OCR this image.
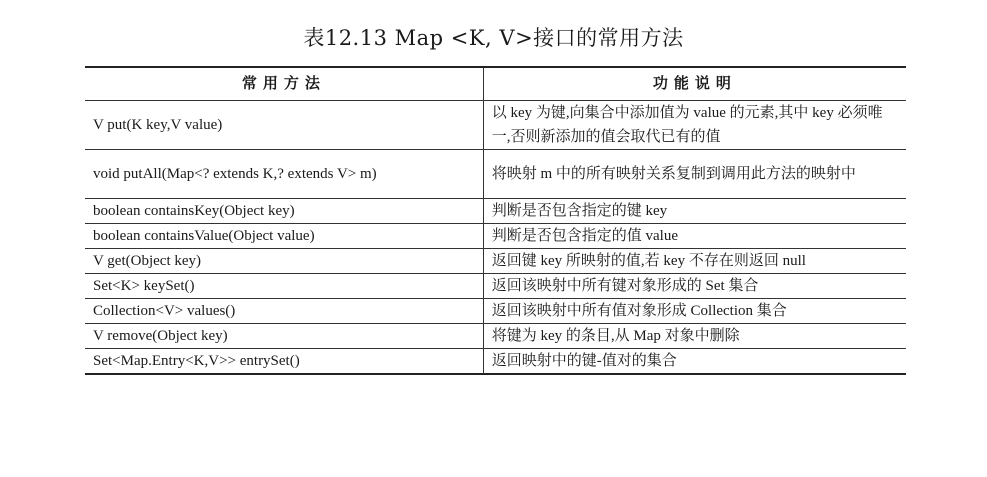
表12.13 Map <K, V>接口的常用方法
常用方法	功能说明
V put(K key,V value)	以 key 为键,向集合中添加值为 value 的元素,其中 key 必须唯一,否则新添加的值会取代已有的值
void putAll(Map<? extends K,? extends V> m)	将映射 m 中的所有映射关系复制到调用此方法的映射中
boolean containsKey(Object key)	判断是否包含指定的键 key
boolean containsValue(Object value)	判断是否包含指定的值 value
V get(Object key)	返回键 key 所映射的值,若 key 不存在则返回 null
Set<K> keySet()	返回该映射中所有键对象形成的 Set 集合
Collection<V> values()	返回该映射中所有值对象形成 Collection 集合
V remove(Object key)	将键为 key 的条目,从 Map 对象中删除
Set<Map.Entry<K,V>> entrySet()	返回映射中的键-值对的集合
